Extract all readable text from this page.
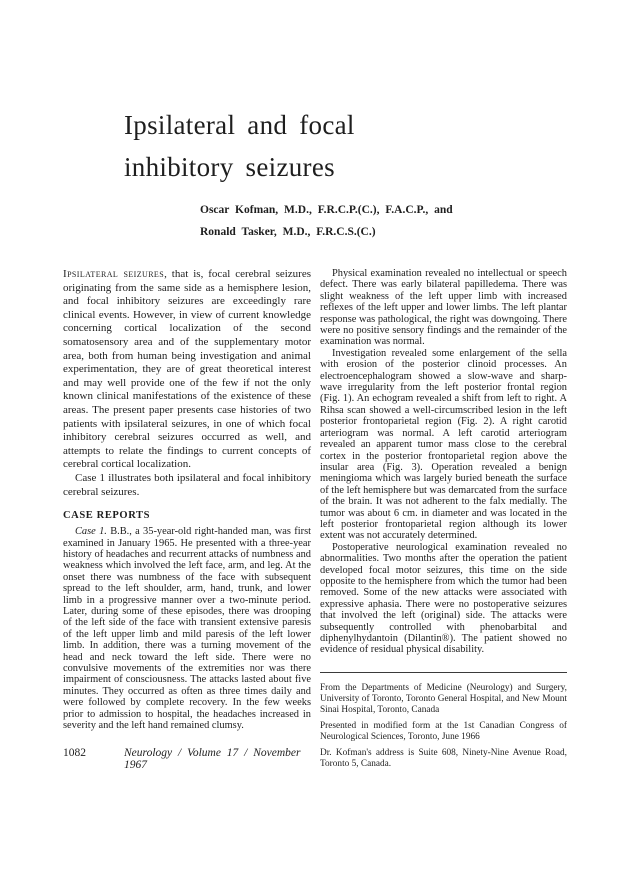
Ipsilateral and focal
inhibitory seizures
Oscar Kofman, M.D., F.R.C.P.(C.), F.A.C.P., and
Ronald Tasker, M.D., F.R.C.S.(C.)

Ipsilateral seizures, that is, focal cerebral seizures originating from the same side as a hemisphere lesion, and focal inhibitory seizures are exceedingly rare clinical events. However, in view of current knowledge concerning cortical localization of the second somatosensory area and of the supplementary motor area, both from human being investigation and animal experimentation, they are of great theoretical interest and may well provide one of the few if not the only known clinical manifestations of the existence of these areas. The present paper presents case histories of two patients with ipsilateral seizures, in one of which focal inhibitory cerebral seizures occurred as well, and attempts to relate the findings to current concepts of cerebral cortical localization.

Case 1 illustrates both ipsilateral and focal inhibitory cerebral seizures.

CASE REPORTS

Case 1. B.B., a 35-year-old right-handed man, was first examined in January 1965. He presented with a three-year history of headaches and recurrent attacks of numbness and weakness which involved the left face, arm, and leg. At the onset there was numbness of the face with subsequent spread to the left shoulder, arm, hand, trunk, and lower limb in a progressive manner over a two-minute period. Later, during some of these episodes, there was drooping of the left side of the face with transient extensive paresis of the left upper limb and mild paresis of the left lower limb. In addition, there was a turning movement of the head and neck toward the left side. There were no convulsive movements of the extremities nor was there impairment of consciousness. The attacks lasted about five minutes. They occurred as often as three times daily and were followed by complete recovery. In the few weeks prior to admission to hospital, the headaches increased in severity and the left hand remained clumsy.

1082	Neurology / Volume 17 / November 1967

Physical examination revealed no intellectual or speech defect. There was early bilateral papilledema. There was slight weakness of the left upper limb with increased reflexes of the left upper and lower limbs. The left plantar response was pathological, the right was downgoing. There were no positive sensory findings and the remainder of the examination was normal.

Investigation revealed some enlargement of the sella with erosion of the posterior clinoid processes. An electroencephalogram showed a slow-wave and sharp-wave irregularity from the left posterior frontal region (Fig. 1). An echogram revealed a shift from left to right. A Rihsa scan showed a well-circumscribed lesion in the left posterior frontoparietal region (Fig. 2). A right carotid arteriogram was normal. A left carotid arteriogram revealed an apparent tumor mass close to the cerebral cortex in the posterior frontoparietal region above the insular area (Fig. 3). Operation revealed a benign meningioma which was largely buried beneath the surface of the left hemisphere but was demarcated from the surface of the brain. It was not adherent to the falx medially. The tumor was about 6 cm. in diameter and was located in the left posterior frontoparietal region although its lower extent was not accurately determined.

Postoperative neurological examination revealed no abnormalities. Two months after the operation the patient developed focal motor seizures, this time on the side opposite to the hemisphere from which the tumor had been removed. Some of the new attacks were associated with expressive aphasia. There were no postoperative seizures that involved the left (original) side. The attacks were subsequently controlled with phenobarbital and diphenylhydantoin (Dilantin®). The patient showed no evidence of residual physical disability.

From the Departments of Medicine (Neurology) and Surgery, University of Toronto, Toronto General Hospital, and New Mount Sinai Hospital, Toronto, Canada

Presented in modified form at the 1st Canadian Congress of Neurological Sciences, Toronto, June 1966

Dr. Kofman's address is Suite 608, Ninety-Nine Avenue Road, Toronto 5, Canada.
